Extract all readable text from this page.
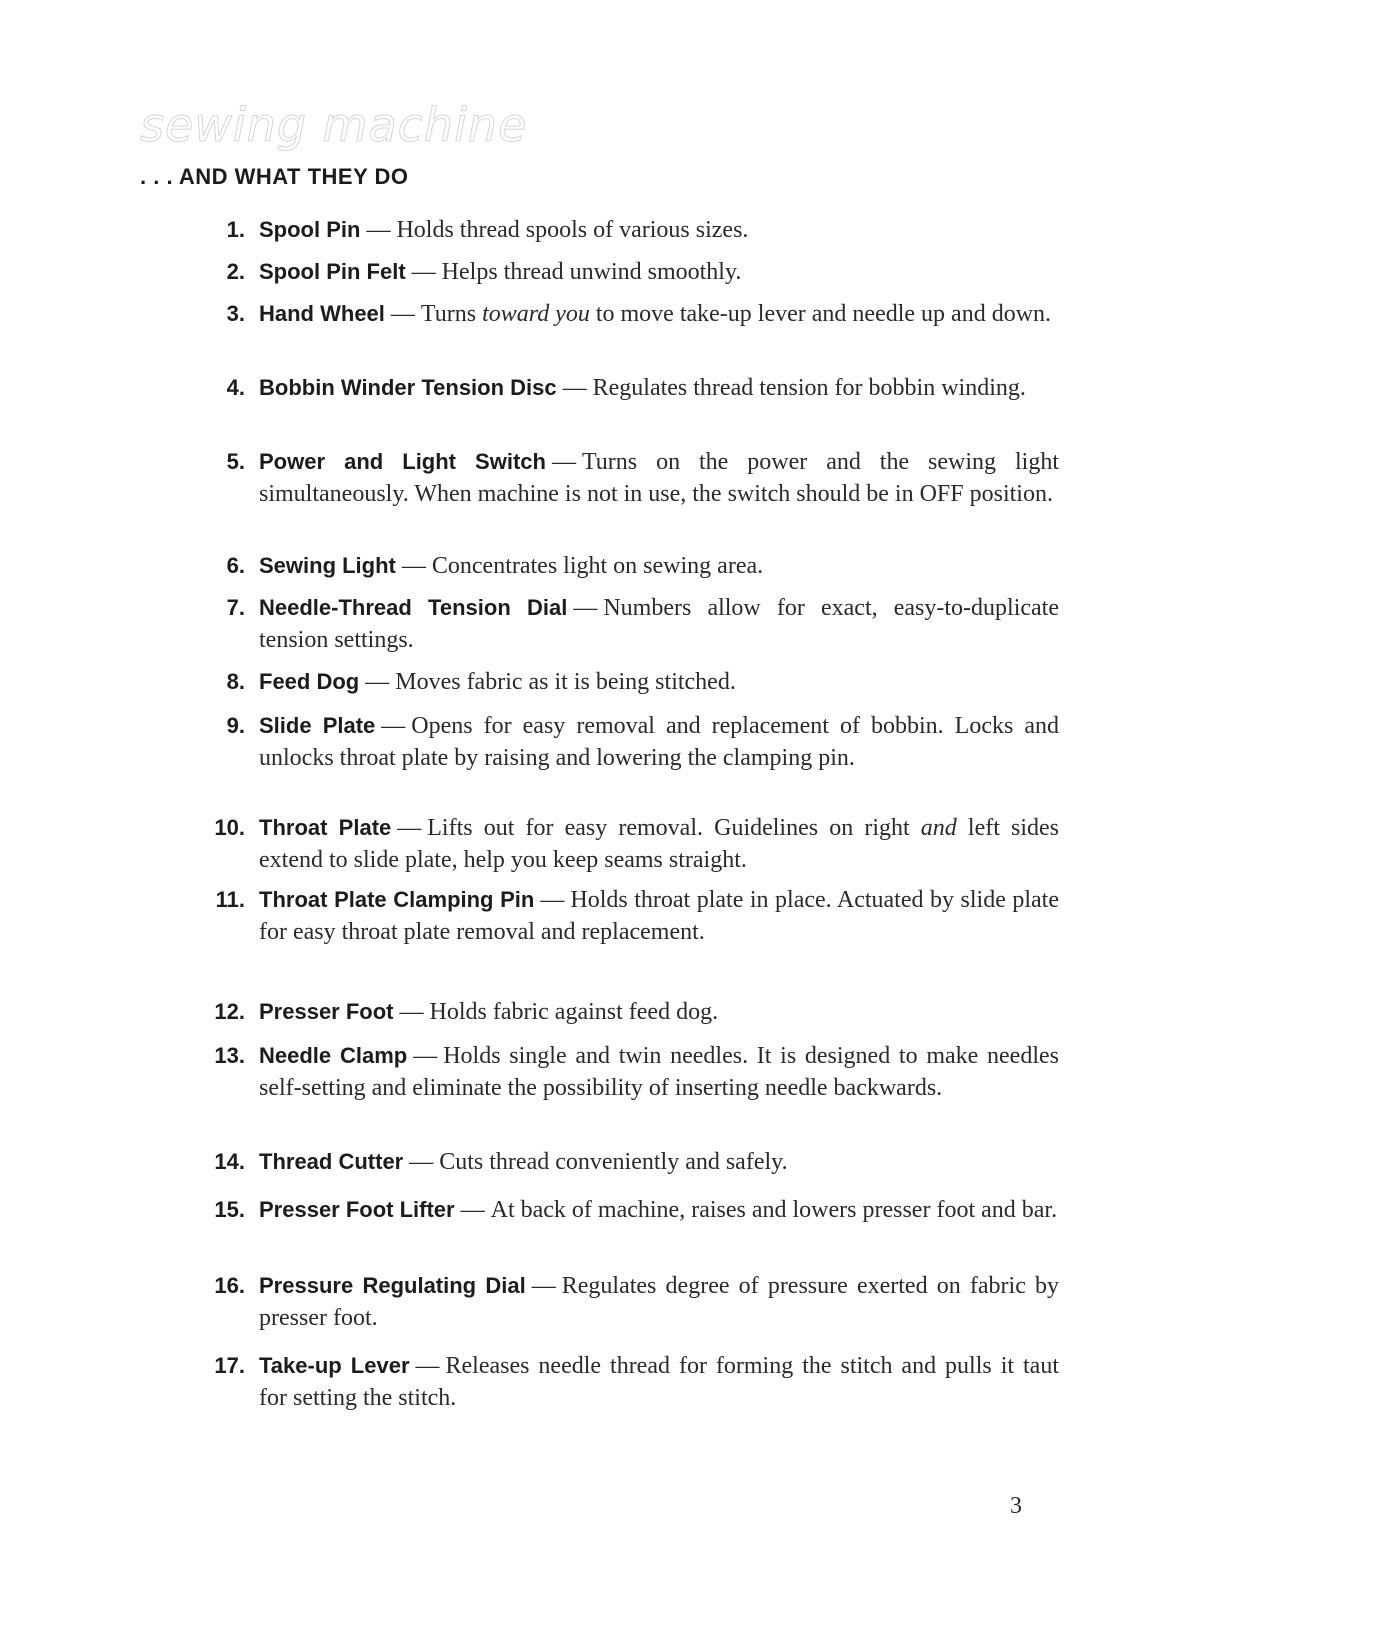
sewing machine
. . . AND WHAT THEY DO
1. Spool Pin — Holds thread spools of various sizes.
2. Spool Pin Felt — Helps thread unwind smoothly.
3. Hand Wheel — Turns toward you to move take-up lever and needle up and down.
4. Bobbin Winder Tension Disc — Regulates thread tension for bobbin winding.
5. Power and Light Switch — Turns on the power and the sewing light simultaneously. When machine is not in use, the switch should be in OFF position.
6. Sewing Light — Concentrates light on sewing area.
7. Needle-Thread Tension Dial — Numbers allow for exact, easy-to-duplicate tension settings.
8. Feed Dog — Moves fabric as it is being stitched.
9. Slide Plate — Opens for easy removal and replacement of bobbin. Locks and unlocks throat plate by raising and lowering the clamping pin.
10. Throat Plate — Lifts out for easy removal. Guidelines on right and left sides extend to slide plate, help you keep seams straight.
11. Throat Plate Clamping Pin — Holds throat plate in place. Actuated by slide plate for easy throat plate removal and replacement.
12. Presser Foot — Holds fabric against feed dog.
13. Needle Clamp — Holds single and twin needles. It is designed to make needles self-setting and eliminate the possibility of inserting needle backwards.
14. Thread Cutter — Cuts thread conveniently and safely.
15. Presser Foot Lifter — At back of machine, raises and lowers presser foot and bar.
16. Pressure Regulating Dial — Regulates degree of pressure exerted on fabric by presser foot.
17. Take-up Lever — Releases needle thread for forming the stitch and pulls it taut for setting the stitch.
3
